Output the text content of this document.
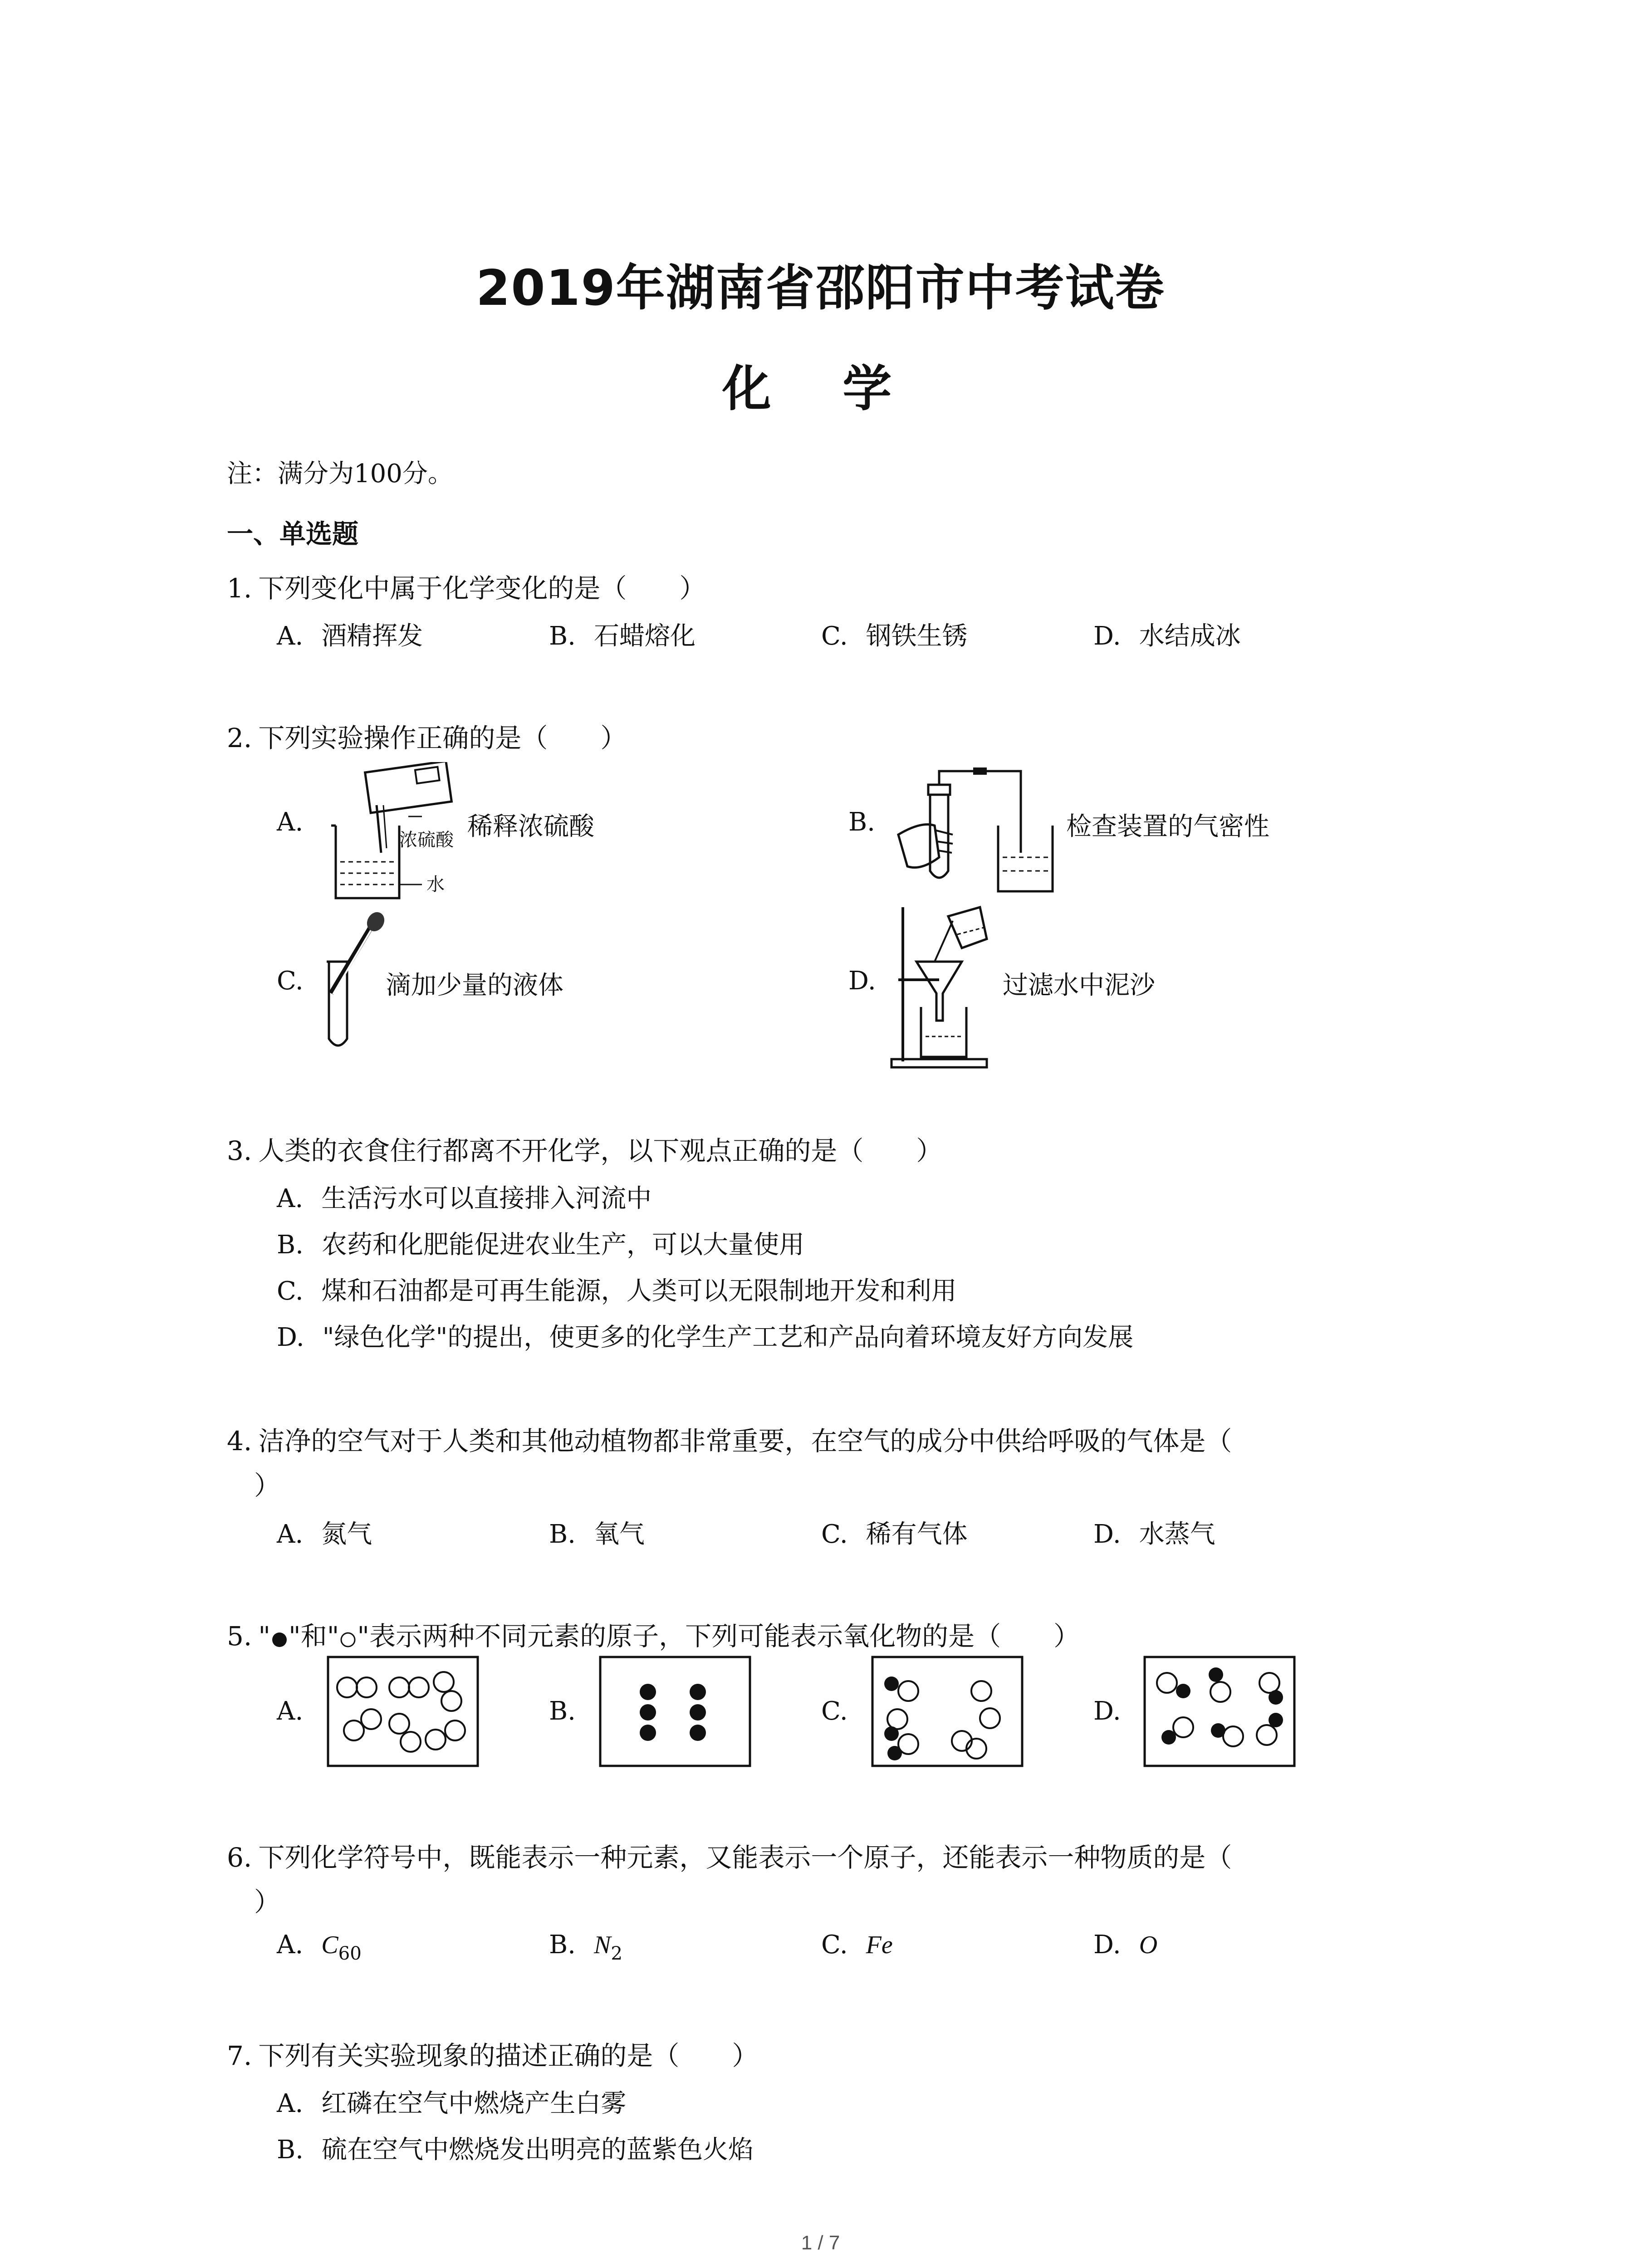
2019年湖南省邵阳市中考试卷
化 学
注：满分为100分。
一、单选题
1. 下列变化中属于化学变化的是（　　）
A. 酒精挥发	B. 石蜡熔化	C. 钢铁生锈	D. 水结成冰
2. 下列实验操作正确的是（　　）
A.
浓硫酸
水
稀释浓硫酸	B.	检查装置的气密性
C.	滴加少量的液体	D.	过滤水中泥沙
3. 人类的衣食住行都离不开化学，以下观点正确的是（　　）
A. 生活污水可以直接排入河流中
B. 农药和化肥能促进农业生产，可以大量使用
C. 煤和石油都是可再生能源，人类可以无限制地开发和利用
D. "绿色化学"的提出，使更多的化学生产工艺和产品向着环境友好方向发展
4. 洁净的空气对于人类和其他动植物都非常重要，在空气的成分中供给呼吸的气体是（
）
A. 氮气	B. 氧气	C. 稀有气体	D. 水蒸气
5. " "和" "表示两种不同元素的原子，下列可能表示氧化物的是（　　）
A.	B.	C.	D.
6. 下列化学符号中，既能表示一种元素，又能表示一个原子，还能表示一种物质的是（
）
A. $C_{60}$	B. $N_2$	C. Fe	D. O
7. 下列有关实验现象的描述正确的是（　　）
A. 红磷在空气中燃烧产生白雾
B. 硫在空气中燃烧发出明亮的蓝紫色火焰
1 / 7
